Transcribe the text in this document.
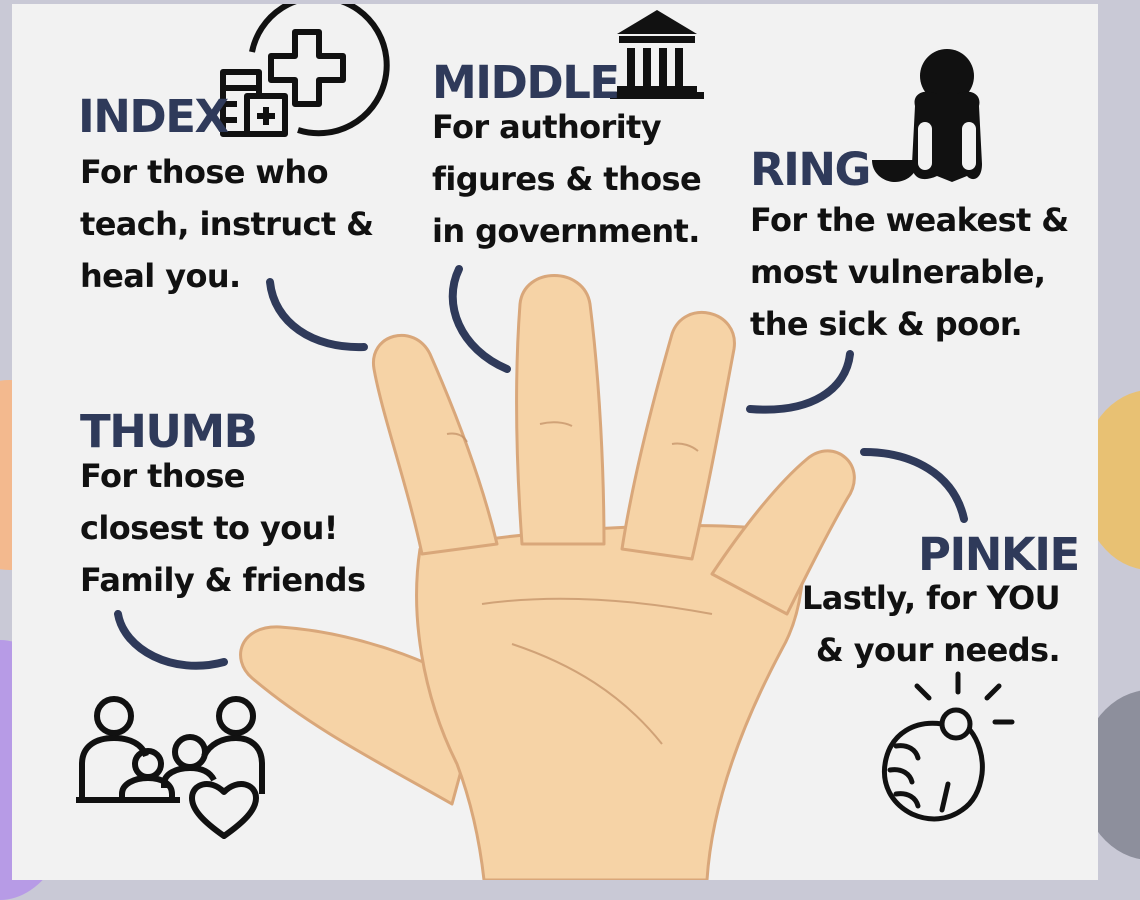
THUMB

For those
closest to you!
Family & friends

INDEX

For those who
teach, instruct &
heal you.

MIDDLE

For authority
figures & those
in government.

RING

For the weakest &
most vulnerable,
the sick & poor.

PINKIE

Lastly, for YOU
& your needs.
